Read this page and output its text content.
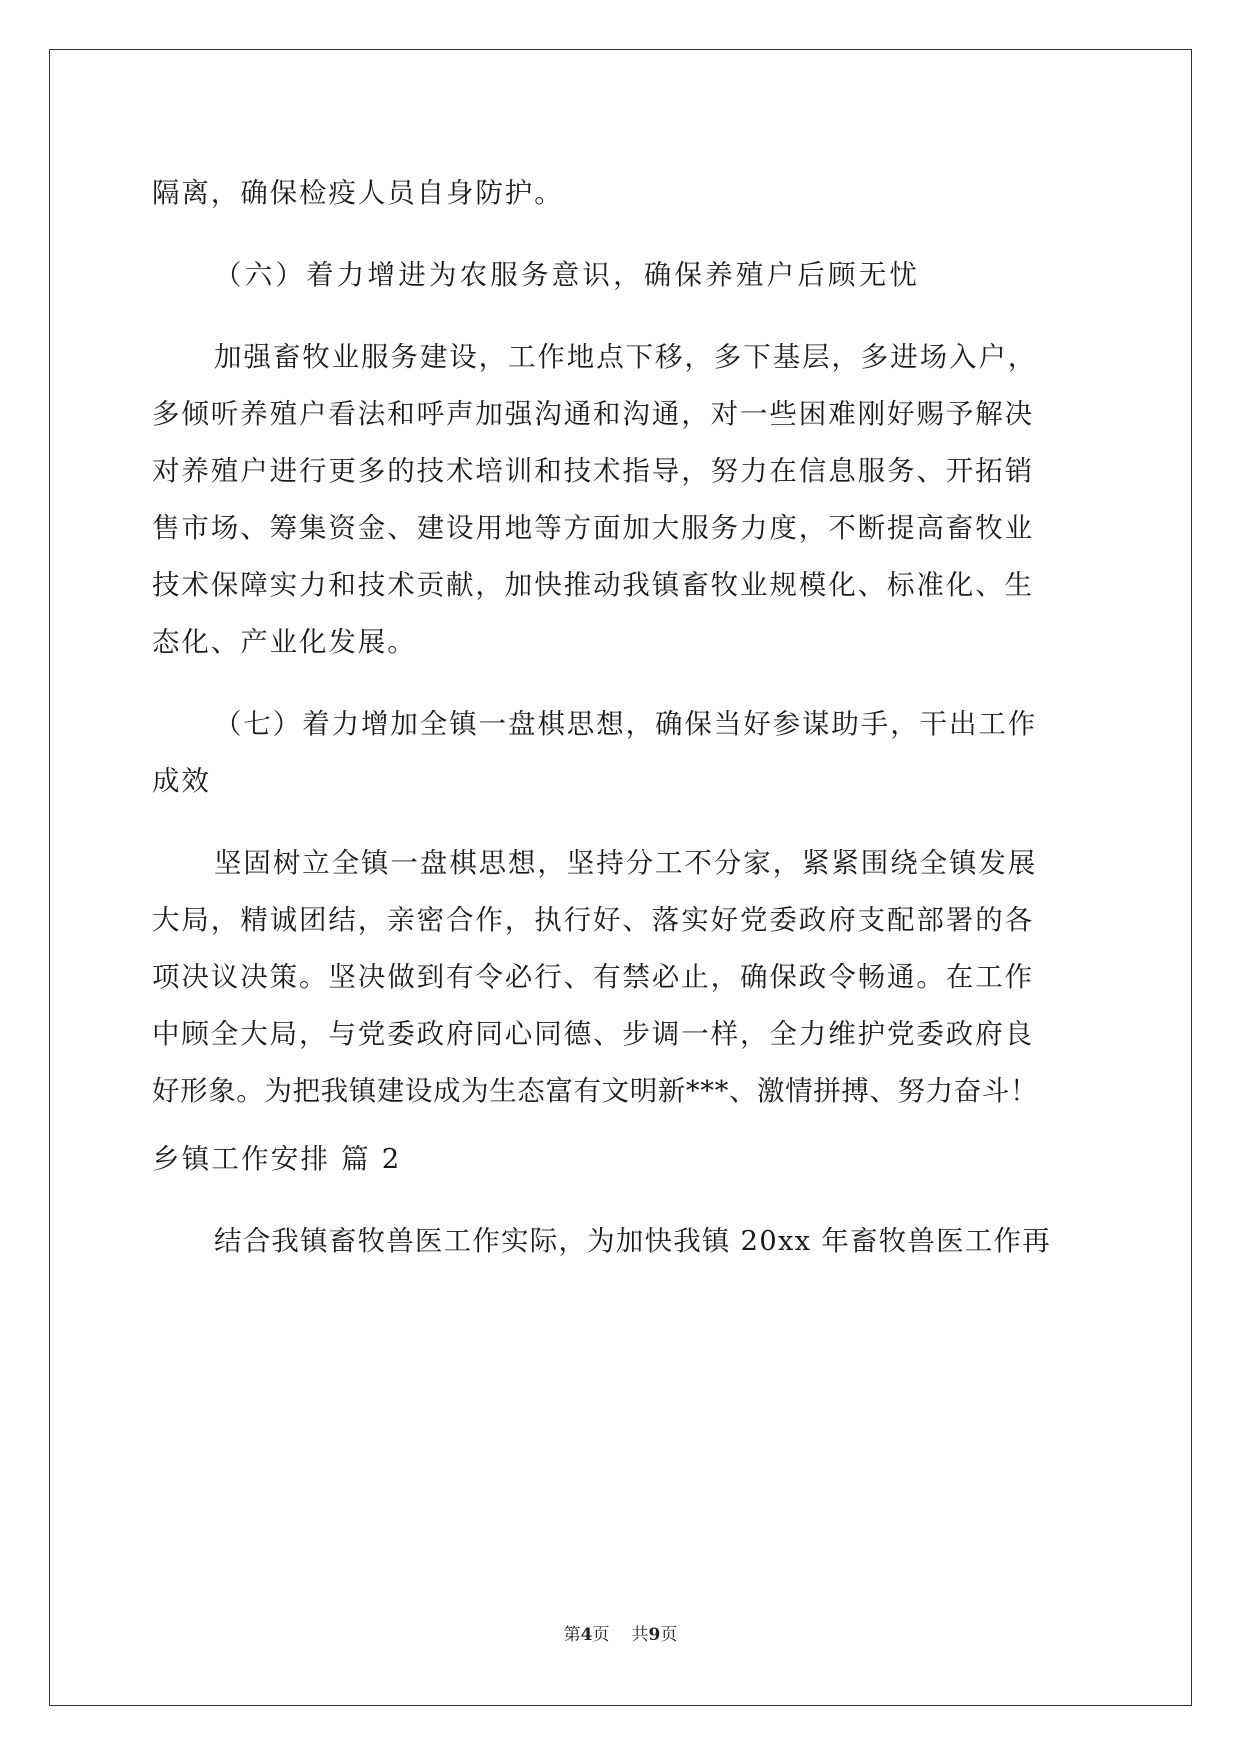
隔离，确保检疫人员自身防护。

（六）着力增进为农服务意识，确保养殖户后顾无忧

加强畜牧业服务建设，工作地点下移，多下基层，多进场入户，
多倾听养殖户看法和呼声加强沟通和沟通，对一些困难刚好赐予解决
对养殖户进行更多的技术培训和技术指导，努力在信息服务、开拓销
售市场、筹集资金、建设用地等方面加大服务力度，不断提高畜牧业
技术保障实力和技术贡献，加快推动我镇畜牧业规模化、标准化、生
态化、产业化发展。

（七）着力增加全镇一盘棋思想，确保当好参谋助手，干出工作
成效

坚固树立全镇一盘棋思想，坚持分工不分家，紧紧围绕全镇发展
大局，精诚团结，亲密合作，执行好、落实好党委政府支配部署的各
项决议决策。坚决做到有令必行、有禁必止，确保政令畅通。在工作
中顾全大局，与党委政府同心同德、步调一样，全力维护党委政府良
好形象。为把我镇建设成为生态富有文明新***、激情拼搏、努力奋斗！

乡镇工作安排 篇 2

结合我镇畜牧兽医工作实际，为加快我镇 20xx 年畜牧兽医工作再

第4页 共9页
